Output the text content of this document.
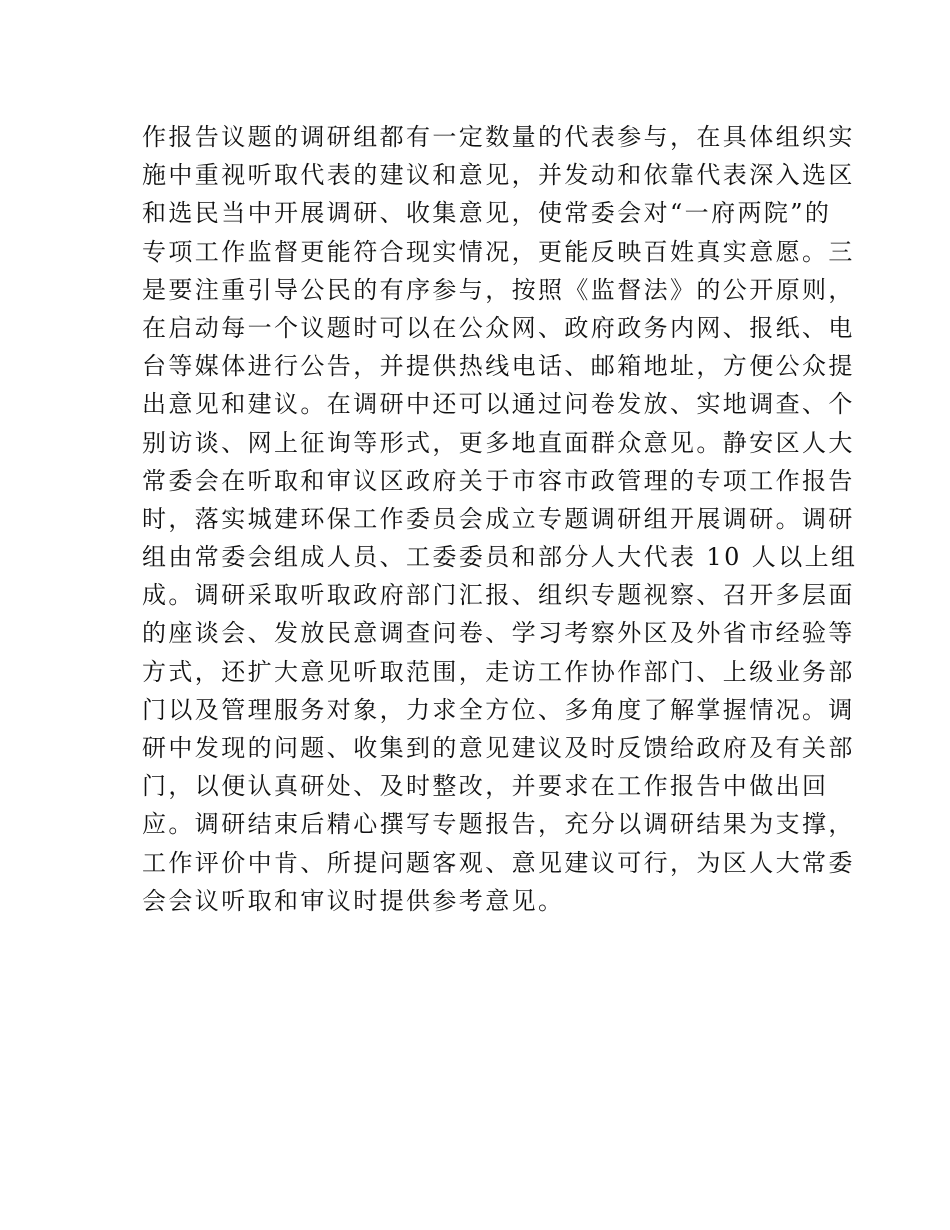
作报告议题的调研组都有一定数量的代表参与，在具体组织实
施中重视听取代表的建议和意见，并发动和依靠代表深入选区
和选民当中开展调研、收集意见，使常委会对“一府两院”的
专项工作监督更能符合现实情况，更能反映百姓真实意愿。三
是要注重引导公民的有序参与，按照《监督法》的公开原则，
在启动每一个议题时可以在公众网、政府政务内网、报纸、电
台等媒体进行公告，并提供热线电话、邮箱地址，方便公众提
出意见和建议。在调研中还可以通过问卷发放、实地调查、个
别访谈、网上征询等形式，更多地直面群众意见。静安区人大
常委会在听取和审议区政府关于市容市政管理的专项工作报告
时，落实城建环保工作委员会成立专题调研组开展调研。调研
组由常委会组成人员、工委委员和部分人大代表 10 人以上组
成。调研采取听取政府部门汇报、组织专题视察、召开多层面
的座谈会、发放民意调查问卷、学习考察外区及外省市经验等
方式，还扩大意见听取范围，走访工作协作部门、上级业务部
门以及管理服务对象，力求全方位、多角度了解掌握情况。调
研中发现的问题、收集到的意见建议及时反馈给政府及有关部
门，以便认真研处、及时整改，并要求在工作报告中做出回
应。调研结束后精心撰写专题报告，充分以调研结果为支撑，
工作评价中肯、所提问题客观、意见建议可行，为区人大常委
会会议听取和审议时提供参考意见。
